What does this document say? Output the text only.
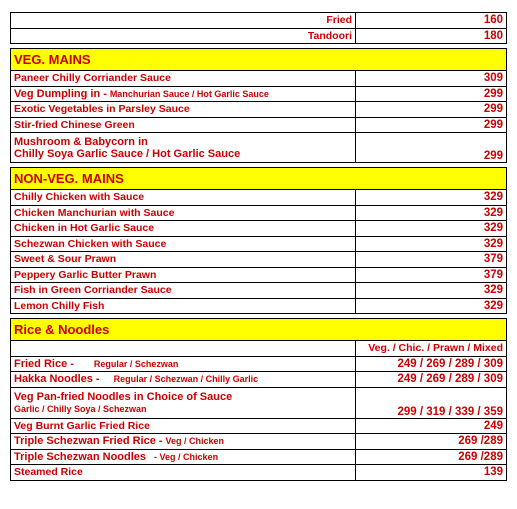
Fried	160
Tandoori	180

VEG. MAINS	
Paneer Chilly Corriander Sauce	309
Veg Dumpling in - Manchurian Sauce / Hot Garlic Sauce	299
Exotic Vegetables in Parsley Sauce	299
Stir-fried Chinese Green	299

Mushroom & Babycorn in
Chilly Soya Garlic Sauce / Hot Garlic Sauce	299

NON-VEG. MAINS	
Chilly Chicken with Sauce	329
Chicken Manchurian with Sauce	329
Chicken in Hot Garlic Sauce	329
Schezwan Chicken with Sauce	329
Sweet & Sour Prawn	379
Peppery Garlic Butter Prawn	379
Fish in Green Corriander Sauce	329
Lemon Chilly Fish	329

Rice & Noodles	
	Veg. / Chic. / Prawn / Mixed
Fried Rice - Regular / Schezwan	249 / 269 / 289 / 309
Hakka Noodles - Regular / Schezwan / Chilly Garlic	249 / 269 / 289 / 309

Veg Pan-fried Noodles in Choice of Sauce
Garlic / Chilly Soya / Schezwan	299 / 319 / 339 / 359
Veg Burnt Garlic Fried Rice	249
Triple Schezwan Fried Rice - Veg / Chicken	269 /289
Triple Schezwan Noodles - Veg / Chicken	269 /289
Steamed Rice	139
